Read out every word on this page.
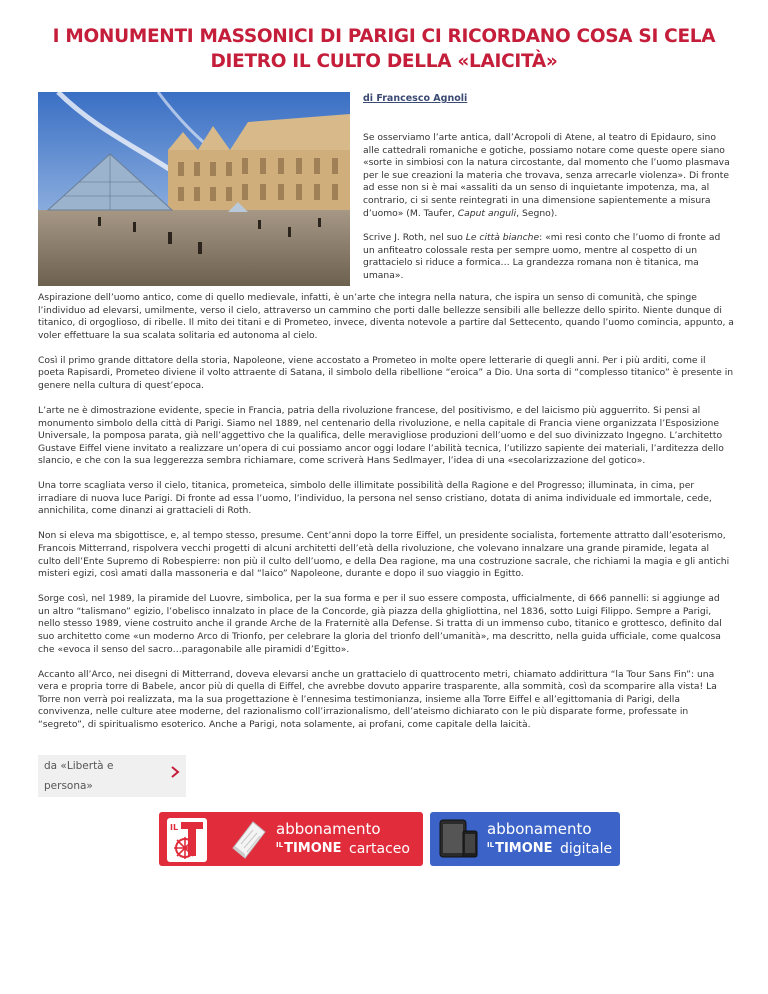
I MONUMENTI MASSONICI DI PARIGI CI RICORDANO COSA SI CELA DIETRO IL CULTO DELLA «LAICITÀ»

di Francesco Agnoli

Se osserviamo l’arte antica, dall’Acropoli di Atene, al teatro di Epidauro, sino alle cattedrali romaniche e gotiche, possiamo notare come queste opere siano «sorte in simbiosi con la natura circostante, dal momento che l’uomo plasmava per le sue creazioni la materia che trovava, senza arrecarle violenza». Di fronte ad esse non si è mai «assaliti da un senso di inquietante impotenza, ma, al contrario, ci si sente reintegrati in una dimensione sapientemente a misura d’uomo» (M. Taufer, Caput anguli, Segno).

Scrive J. Roth, nel suo Le città bianche: «mi resi conto che l’uomo di fronte ad un anfiteatro colossale resta per sempre uomo, mentre al cospetto di un grattacielo si riduce a formica… La grandezza romana non è titanica, ma umana».

Aspirazione dell’uomo antico, come di quello medievale, infatti, è un’arte che integra nella natura, che ispira un senso di comunità, che spinge l’individuo ad elevarsi, umilmente, verso il cielo, attraverso un cammino che porti dalle bellezze sensibili alle bellezze dello spirito. Niente dunque di titanico, di orgoglioso, di ribelle. Il mito dei titani e di Prometeo, invece, diventa notevole a partire dal Settecento, quando l’uomo comincia, appunto, a voler effettuare la sua scalata solitaria ed autonoma al cielo.

Così il primo grande dittatore della storia, Napoleone, viene accostato a Prometeo in molte opere letterarie di quegli anni. Per i più arditi, come il poeta Rapisardi, Prometeo diviene il volto attraente di Satana, il simbolo della ribellione “eroica” a Dio. Una sorta di “complesso titanico” è presente in genere nella cultura di quest’epoca.

L’arte ne è dimostrazione evidente, specie in Francia, patria della rivoluzione francese, del positivismo, e del laicismo più agguerrito. Si pensi al monumento simbolo della città di Parigi. Siamo nel 1889, nel centenario della rivoluzione, e nella capitale di Francia viene organizzata l’Esposizione Universale, la pomposa parata, già nell’aggettivo che la qualifica, delle meravigliose produzioni dell’uomo e del suo divinizzato Ingegno. L’architetto Gustave Eiffel viene invitato a realizzare un’opera di cui possiamo ancor oggi lodare l’abilità tecnica, l’utilizzo sapiente dei materiali, l’arditezza dello slancio, e che con la sua leggerezza sembra richiamare, come scriverà Hans Sedlmayer, l’idea di una «secolarizzazione del gotico».

Una torre scagliata verso il cielo, titanica, prometeica, simbolo delle illimitate possibilità della Ragione e del Progresso; illuminata, in cima, per irradiare di nuova luce Parigi. Di fronte ad essa l’uomo, l’individuo, la persona nel senso cristiano, dotata di anima individuale ed immortale, cede, annichilita, come dinanzi ai grattacieli di Roth.

Non si eleva ma sbigottisce, e, al tempo stesso, presume. Cent’anni dopo la torre Eiffel, un presidente socialista, fortemente attratto dall’esoterismo, Francois Mitterrand, rispolvera vecchi progetti di alcuni architetti dell’età della rivoluzione, che volevano innalzare una grande piramide, legata al culto dell’Ente Supremo di Robespierre: non più il culto dell’uomo, e della Dea ragione, ma una costruzione sacrale, che richiami la magia e gli antichi misteri egizi, così amati dalla massoneria e dal “laico” Napoleone, durante e dopo il suo viaggio in Egitto.

Sorge così, nel 1989, la piramide del Luovre, simbolica, per la sua forma e per il suo essere composta, ufficialmente, di 666 pannelli: si aggiunge ad un altro “talismano” egizio, l’obelisco innalzato in place de la Concorde, già piazza della ghigliottina, nel 1836, sotto Luigi Filippo. Sempre a Parigi, nello stesso 1989, viene costruito anche il grande Arche de la Fraternitè alla Defense. Si tratta di un immenso cubo, titanico e grottesco, definito dal suo architetto come «un moderno Arco di Trionfo, per celebrare la gloria del trionfo dell’umanità», ma descritto, nella guida ufficiale, come qualcosa che «evoca il senso del sacro…paragonabile alle piramidi d’Egitto».

Accanto all’Arco, nei disegni di Mitterrand, doveva elevarsi anche un grattacielo di quattrocento metri, chiamato addirittura “la Tour Sans Fin”: una vera e propria torre di Babele, ancor più di quella di Eiffel, che avrebbe dovuto apparire trasparente, alla sommità, così da scomparire alla vista! La Torre non verrà poi realizzata, ma la sua progettazione è l’ennesima testimonianza, insieme alla Torre Eiffel e all’egittomania di Parigi, della convivenza, nelle culture atee moderne, del razionalismo coll’irrazionalismo, dell’ateismo dichiarato con le più disparate forme, professate in “segreto”, di spiritualismo esoterico. Anche a Parigi, nota solamente, ai profani, come capitale della laicità.

da «Libertà e
persona»
IL	abbonamento
$^{IL}$TIMONE cartaceo
abbonamento
$^{IL}$TIMONE digitale
